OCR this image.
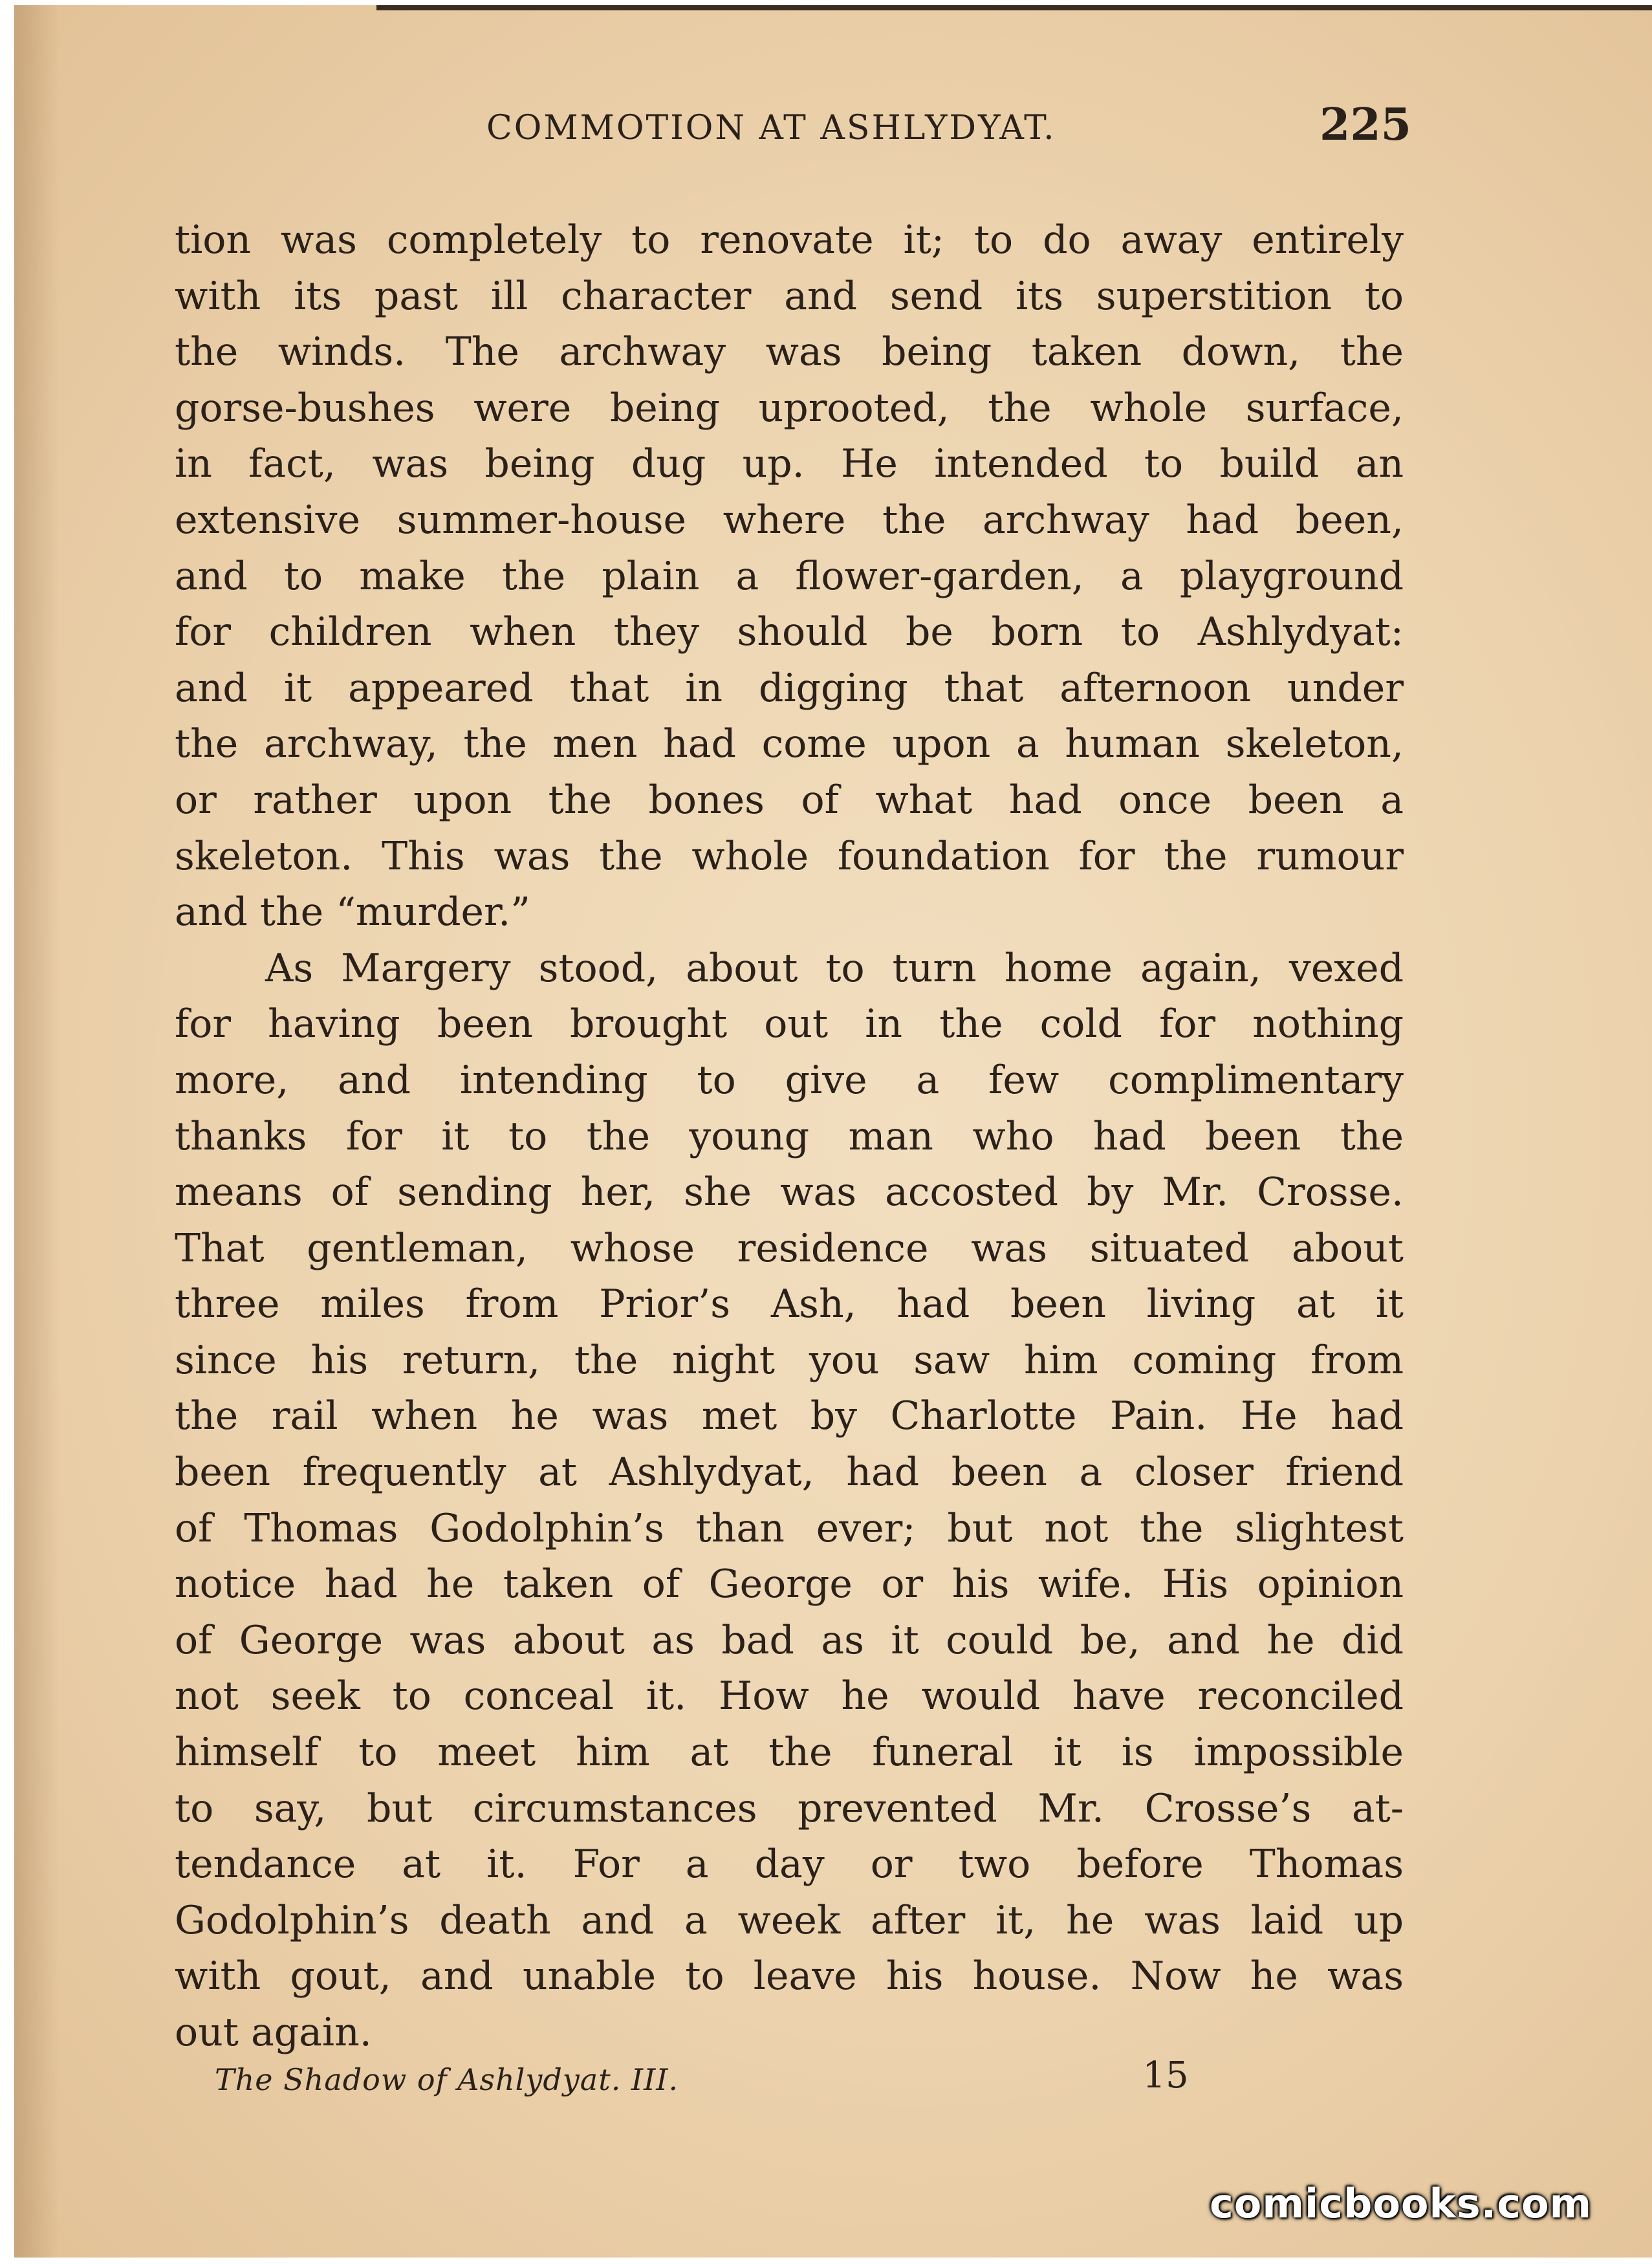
COMMOTION AT ASHLYDYAT.	225
tion was completely to renovate it; to do away entirely
with its past ill character and send its superstition to
the winds. The archway was being taken down, the
gorse-bushes were being uprooted, the whole surface,
in fact, was being dug up. He intended to build an
extensive summer-house where the archway had been,
and to make the plain a flower-garden, a playground
for children when they should be born to Ashlydyat:
and it appeared that in digging that afternoon under
the archway, the men had come upon a human skeleton,
or rather upon the bones of what had once been a
skeleton. This was the whole foundation for the rumour
and the “murder.”
As Margery stood, about to turn home again, vexed
for having been brought out in the cold for nothing
more, and intending to give a few complimentary
thanks for it to the young man who had been the
means of sending her, she was accosted by Mr. Crosse.
That gentleman, whose residence was situated about
three miles from Prior’s Ash, had been living at it
since his return, the night you saw him coming from
the rail when he was met by Charlotte Pain. He had
been frequently at Ashlydyat, had been a closer friend
of Thomas Godolphin’s than ever; but not the slightest
notice had he taken of George or his wife. His opinion
of George was about as bad as it could be, and he did
not seek to conceal it. How he would have reconciled
himself to meet him at the funeral it is impossible
to say, but circumstances prevented Mr. Crosse’s at-
tendance at it. For a day or two before Thomas
Godolphin’s death and a week after it, he was laid up
with gout, and unable to leave his house. Now he was
out again.
The Shadow of Ashlydyat. III.	15
comicbooks.com
